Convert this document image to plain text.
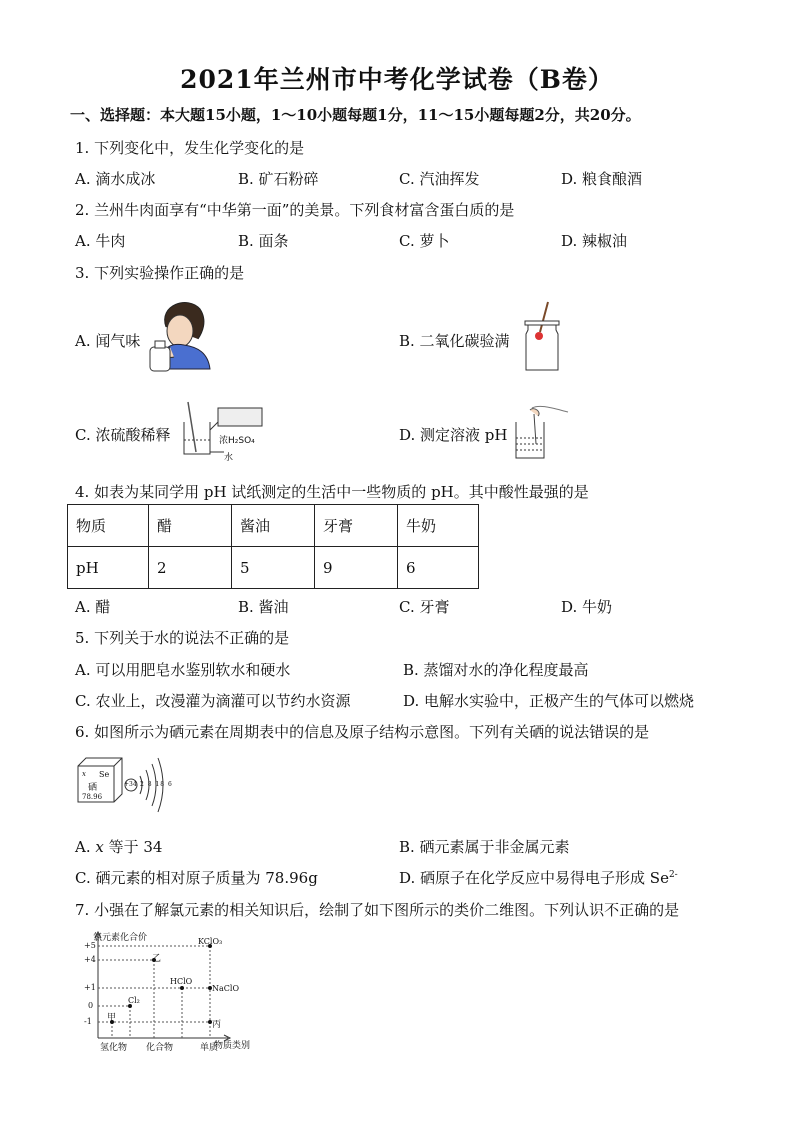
2021年兰州市中考化学试卷（B卷）
一、选择题：本大题15小题，1～10小题每题1分，11～15小题每题2分，共20分。
1. 下列变化中，发生化学变化的是
A. 滴水成冰	B. 矿石粉碎	C. 汽油挥发	D. 粮食酿酒
2. 兰州牛肉面享有“中华第一面”的美景。下列食材富含蛋白质的是
A. 牛肉	B. 面条	C. 萝卜	D. 辣椒油
3. 下列实验操作正确的是
A. 闻气味	B. 二氧化碳验满
C. 浓硫酸稀释	浓H₂SO₄
水
D. 测定溶液 pH
4. 如表为某同学用 pH 试纸测定的生活中一些物质的 pH。其中酸性最强的是
物质	醋	酱油	牙膏	牛奶
pH	2	5	9	6
A. 醋	B. 酱油	C. 牙膏	D. 牛奶
5. 下列关于水的说法不正确的是
A. 可以用肥皂水鉴别软水和硬水	B. 蒸馏对水的净化程度最高
C. 农业上，改漫灌为滴灌可以节约水资源	D. 电解水实验中，正极产生的气体可以燃烧
6. 如图所示为硒元素在周期表中的信息及原子结构示意图。下列有关硒的说法错误的是
x Se
硒
78.96
+34 2 8 18 6
A. x 等于 34	B. 硒元素属于非金属元素
C. 硒元素的相对原子质量为 78.96g	D. 硒原子在化学反应中易得电子形成 $Se^{2-}$
7. 小强在了解氯元素的相关知识后，绘制了如下图所示的类价二维图。下列认识不正确的是
氯元素化合价
物质类别
氢化物	单质
化合物
+5
+4
+1
0
-1
KClO₃
乙
HClO
NaClO
Cl₂
甲
丙
